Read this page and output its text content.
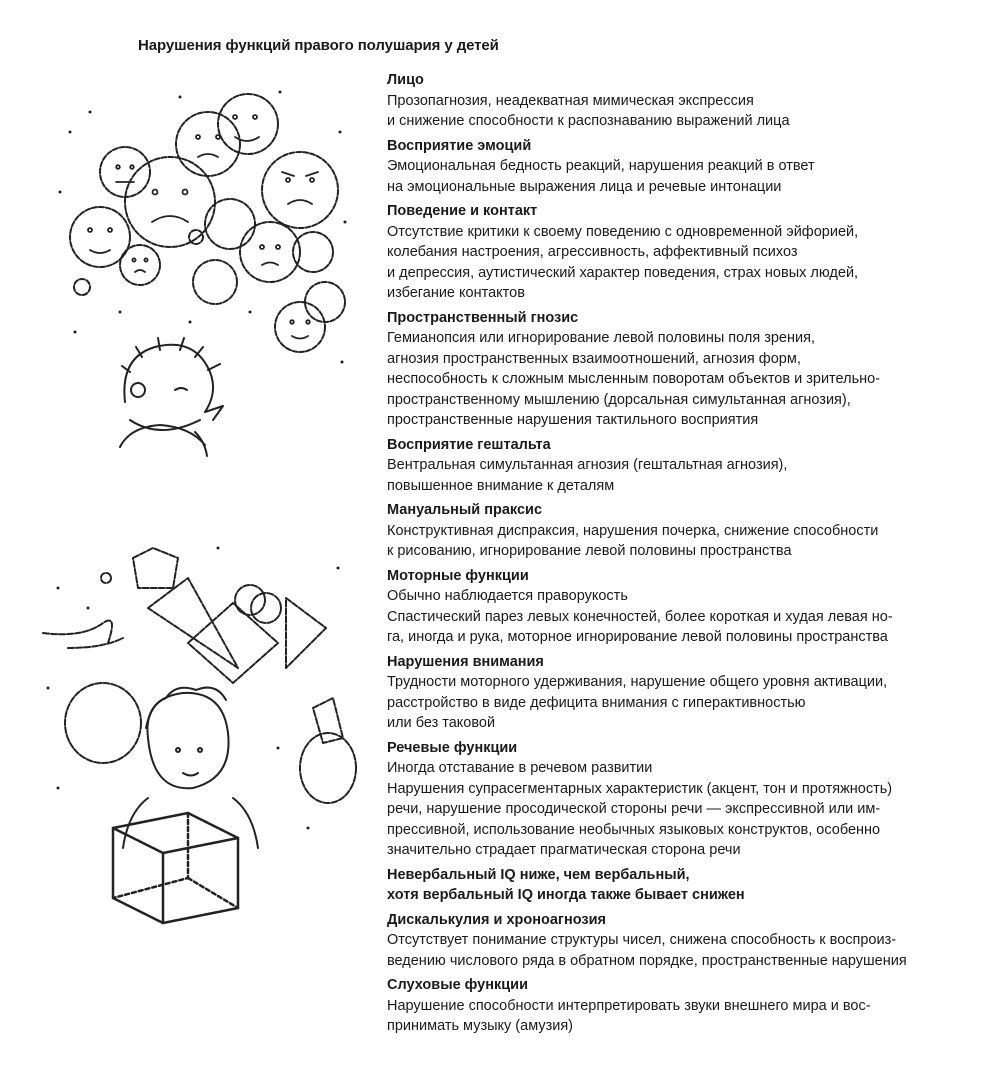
Нарушения функций правого полушария у детей
Лицо
Прозопагнозия, неадекватная мимическая экспрессия
и снижение способности к распознаванию выражений лица
Восприятие эмоций
Эмоциональная бедность реакций, нарушения реакций в ответ
на эмоциональные выражения лица и речевые интонации
Поведение и контакт
Отсутствие критики к своему поведению с одновременной эйфорией,
колебания настроения, агрессивность, аффективный психоз
и депрессия, аутистический характер поведения, страх новых людей,
избегание контактов
Пространственный гнозис
Гемианопсия или игнорирование левой половины поля зрения,
агнозия пространственных взаимоотношений, агнозия форм,
неспособность к сложным мысленным поворотам объектов и зрительно-
пространственному мышлению (дорсальная симультанная агнозия),
пространственные нарушения тактильного восприятия
Восприятие гештальта
Вентральная симультанная агнозия (гештальтная агнозия),
повышенное внимание к деталям
Мануальный праксис
Конструктивная диспраксия, нарушения почерка, снижение способности
к рисованию, игнорирование левой половины пространства
Моторные функции
Обычно наблюдается праворукость
Спастический парез левых конечностей, более короткая и худая левая но-
га, иногда и рука, моторное игнорирование левой половины пространства
Нарушения внимания
Трудности моторного удерживания, нарушение общего уровня активации,
расстройство в виде дефицита внимания с гиперактивностью
или без таковой
Речевые функции
Иногда отставание в речевом развитии
Нарушения супрасегментарных характеристик (акцент, тон и протяжность)
речи, нарушение просодической стороны речи — экспрессивной или им-
прессивной, использование необычных языковых конструктов, особенно
значительно страдает прагматическая сторона речи
Невербальный IQ ниже, чем вербальный,
хотя вербальный IQ иногда также бывает снижен
Дискалькулия и хроноагнозия
Отсутствует понимание структуры чисел, снижена способность к воспроиз-
ведению числового ряда в обратном порядке, пространственные нарушения
Слуховые функции
Нарушение способности интерпретировать звуки внешнего мира и вос-
принимать музыку (амузия)
